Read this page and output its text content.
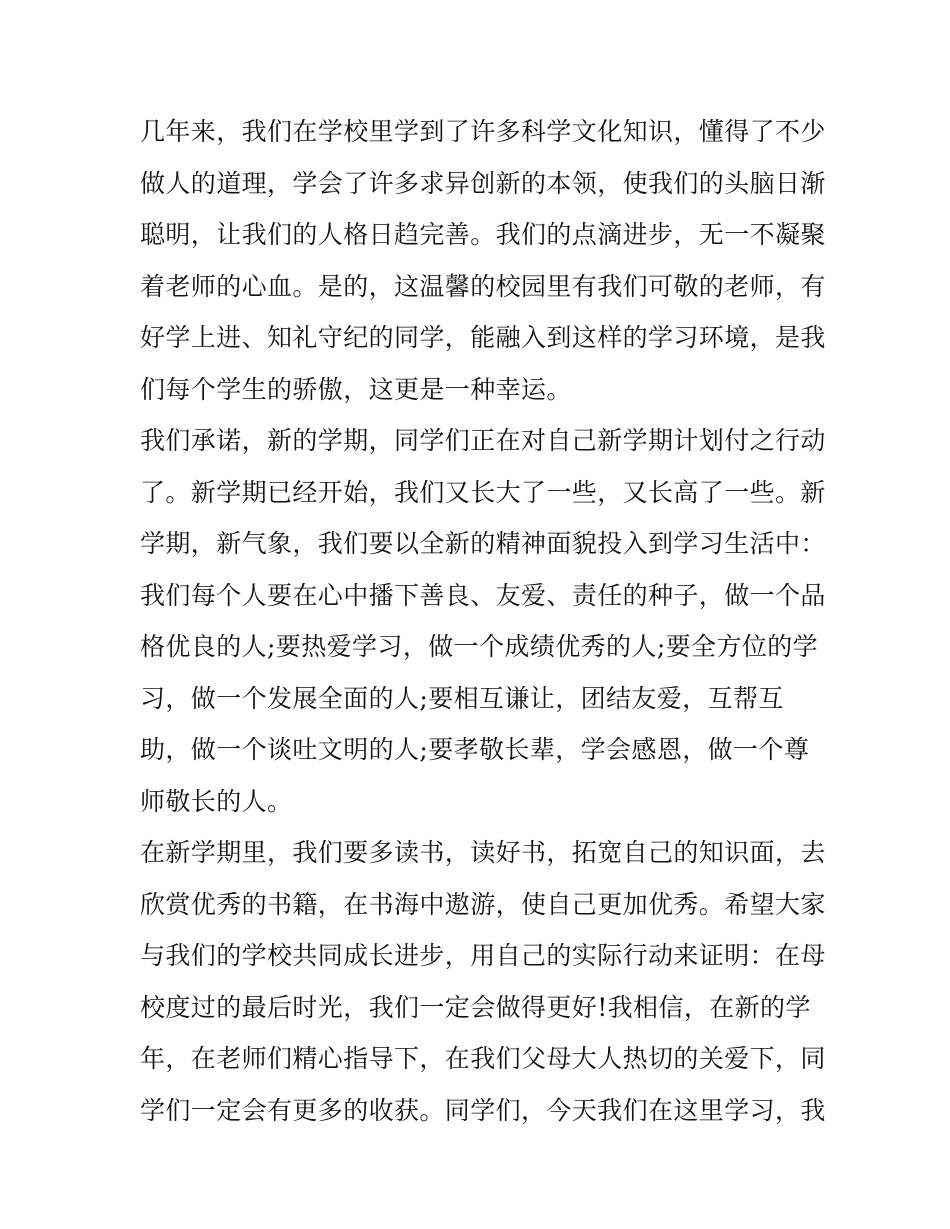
几年来，我们在学校里学到了许多科学文化知识，懂得了不少
做人的道理，学会了许多求异创新的本领，使我们的头脑日渐
聪明，让我们的人格日趋完善。我们的点滴进步，无一不凝聚
着老师的心血。是的，这温馨的校园里有我们可敬的老师，有
好学上进、知礼守纪的同学，能融入到这样的学习环境，是我
们每个学生的骄傲，这更是一种幸运。
我们承诺，新的学期，同学们正在对自己新学期计划付之行动
了。新学期已经开始，我们又长大了一些，又长高了一些。新
学期，新气象，我们要以全新的精神面貌投入到学习生活中：
我们每个人要在心中播下善良、友爱、责任的种子，做一个品
格优良的人;要热爱学习，做一个成绩优秀的人;要全方位的学
习，做一个发展全面的人;要相互谦让，团结友爱，互帮互
助，做一个谈吐文明的人;要孝敬长辈，学会感恩，做一个尊
师敬长的人。
在新学期里，我们要多读书，读好书，拓宽自己的知识面，去
欣赏优秀的书籍，在书海中遨游，使自己更加优秀。希望大家
与我们的学校共同成长进步，用自己的实际行动来证明：在母
校度过的最后时光，我们一定会做得更好!我相信，在新的学
年，在老师们精心指导下，在我们父母大人热切的关爱下，同
学们一定会有更多的收获。同学们，今天我们在这里学习，我
